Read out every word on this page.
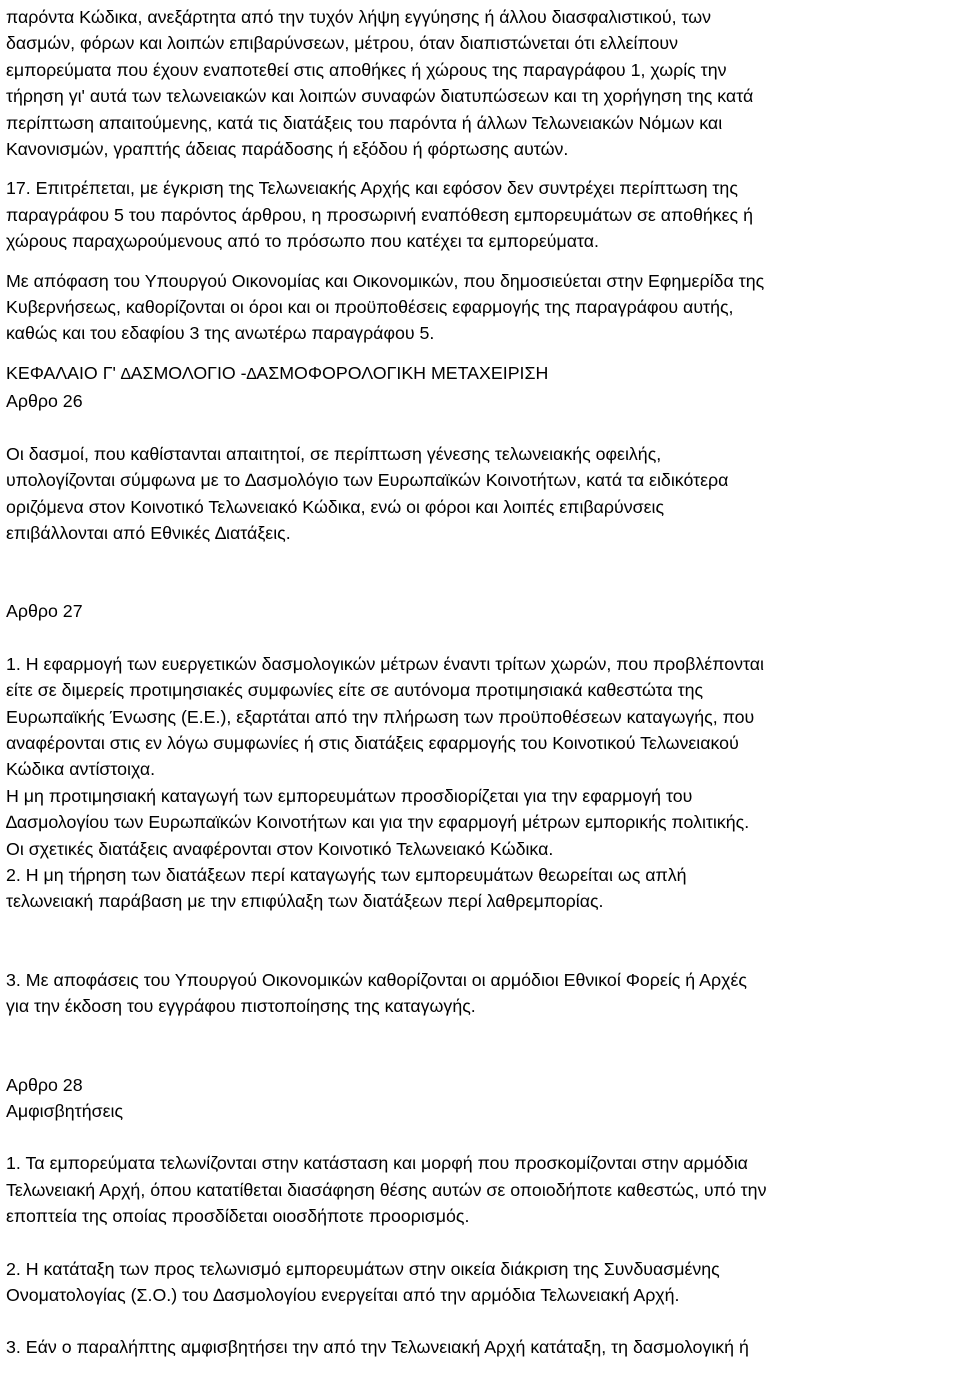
παρόντα Κώδικα, ανεξάρτητα από την τυχόν λήψη εγγύησης ή άλλου διασφαλιστικού, των
δασμών, φόρων και λοιπών επιβαρύνσεων, μέτρου, όταν διαπιστώνεται ότι ελλείπουν
εμπορεύματα που έχουν εναποτεθεί στις αποθήκες ή χώρους της παραγράφου 1, χωρίς την
τήρηση γι' αυτά των τελωνειακών και λοιπών συναφών διατυπώσεων και τη χορήγηση της κατά
περίπτωση απαιτούμενης, κατά τις διατάξεις του παρόντα ή άλλων Τελωνειακών Νόμων και
Κανονισμών, γραπτής άδειας παράδοσης ή εξόδου ή φόρτωσης αυτών.

17. Επιτρέπεται, με έγκριση της Τελωνειακής Αρχής και εφόσον δεν συντρέχει περίπτωση της
παραγράφου 5 του παρόντος άρθρου, η προσωρινή εναπόθεση εμπορευμάτων σε αποθήκες ή
χώρους παραχωρούμενους από το πρόσωπο που κατέχει τα εμπορεύματα.

Με απόφαση του Υπουργού Οικονομίας και Οικονομικών, που δημοσιεύεται στην Εφημερίδα της
Κυβερνήσεως, καθορίζονται οι όροι και οι προϋποθέσεις εφαρμογής της παραγράφου αυτής,
καθώς και του εδαφίου 3 της ανωτέρω παραγράφου 5.

ΚΕΦΑΛΑΙΟ Γ' ∆ΑΣΜΟΛΟΓΙΟ -∆ΑΣΜΟΦΟΡΟΛΟΓΙΚΗ ΜΕΤΑΧΕΙΡΙΣΗ

Αρθρο 26

Οι δασμοί, που καθίστανται απαιτητοί, σε περίπτωση γένεσης τελωνειακής οφειλής,
υπολογίζονται σύμφωνα με το ∆ασμολόγιο των Ευρωπαϊκών Κοινοτήτων, κατά τα ειδικότερα
οριζόμενα στον Κοινοτικό Τελωνειακό Κώδικα, ενώ οι φόροι και λοιπές επιβαρύνσεις
επιβάλλονται από Εθνικές ∆ιατάξεις.

Αρθρο 27

1. Η εφαρμογή των ευεργετικών δασμολογικών μέτρων έναντι τρίτων χωρών, που προβλέπονται
είτε σε διμερείς προτιμησιακές συμφωνίες είτε σε αυτόνομα προτιμησιακά καθεστώτα της
Ευρωπαϊκής Ένωσης (Ε.Ε.), εξαρτάται από την πλήρωση των προϋποθέσεων καταγωγής, που
αναφέρονται στις εν λόγω συμφωνίες ή στις διατάξεις εφαρμογής του Κοινοτικού Τελωνειακού
Κώδικα αντίστοιχα.
Η μη προτιμησιακή καταγωγή των εμπορευμάτων προσδιορίζεται για την εφαρμογή του
∆ασμολογίου των Ευρωπαϊκών Κοινοτήτων και για την εφαρμογή μέτρων εμπορικής πολιτικής.
Οι σχετικές διατάξεις αναφέρονται στον Κοινοτικό Τελωνειακό Κώδικα.

2. Η μη τήρηση των διατάξεων περί καταγωγής των εμπορευμάτων θεωρείται ως απλή
τελωνειακή παράβαση με την επιφύλαξη των διατάξεων περί λαθρεμπορίας.

3. Με αποφάσεις του Υπουργού Οικονομικών καθορίζονται οι αρμόδιοι Εθνικοί Φορείς ή Αρχές
για την έκδοση του εγγράφου πιστοποίησης της καταγωγής.

Αρθρο 28

Αμφισβητήσεις

1. Τα εμπορεύματα τελωνίζονται στην κατάσταση και μορφή που προσκομίζονται στην αρμόδια
Τελωνειακή Αρχή, όπου κατατίθεται διασάφηση θέσης αυτών σε οποιοδήποτε καθεστώς, υπό την
εποπτεία της οποίας προσδίδεται οιοσδήποτε προορισμός.

2. Η κατάταξη των προς τελωνισμό εμπορευμάτων στην οικεία διάκριση της Συνδυασμένης
Ονοματολογίας (Σ.Ο.) του ∆ασμολογίου ενεργείται από την αρμόδια Τελωνειακή Αρχή.

3. Εάν ο παραλήπτης αμφισβητήσει την από την Τελωνειακή Αρχή κατάταξη, τη δασμολογική ή
